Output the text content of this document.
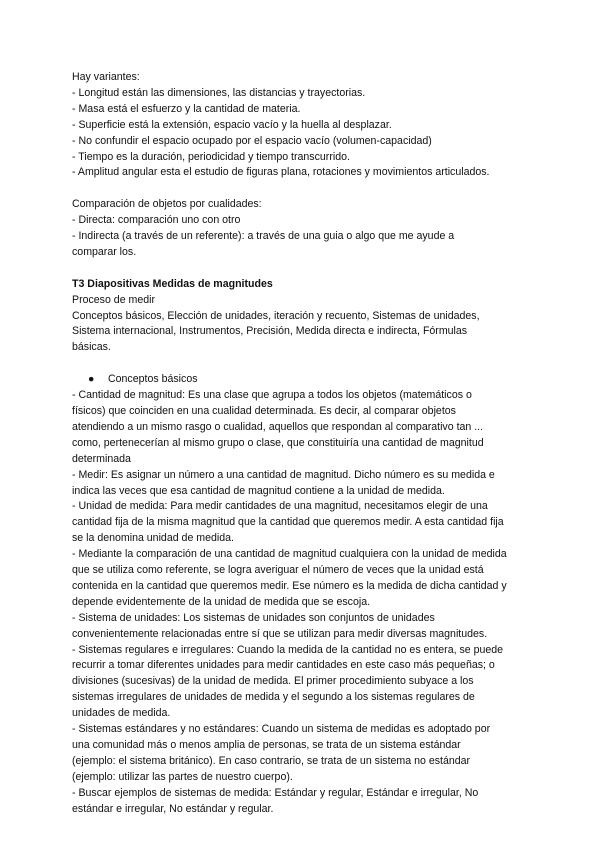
Hay variantes:
- Longitud están las dimensiones, las distancias y trayectorias.
- Masa está el esfuerzo y la cantidad de materia.
- Superficie está la extensión, espacio vacío y la huella al desplazar.
- No confundir el espacio ocupado por el espacio vacío (volumen-capacidad)
- Tiempo es la duración, periodicidad y tiempo transcurrido.
- Amplitud angular esta el estudio de figuras plana, rotaciones y movimientos articulados.
Comparación de objetos por cualidades:
- Directa: comparación uno con otro
- Indirecta (a través de un referente): a través de una guia o algo que me ayude a
comparar los.
T3 Diapositivas Medidas de magnitudes
Proceso de medir
Conceptos básicos, Elección de unidades, iteración y recuento, Sistemas de unidades,
Sistema internacional, Instrumentos, Precisión, Medida directa e indirecta, Fórmulas
básicas.
● Conceptos básicos
- Cantidad de magnitud: Es una clase que agrupa a todos los objetos (matemáticos o
físicos) que coinciden en una cualidad determinada. Es decir, al comparar objetos
atendiendo a un mismo rasgo o cualidad, aquellos que respondan al comparativo tan ...
como, pertenecerían al mismo grupo o clase, que constituiría una cantidad de magnitud
determinada
- Medir: Es asignar un número a una cantidad de magnitud. Dicho número es su medida e
indica las veces que esa cantidad de magnitud contiene a la unidad de medida.
- Unidad de medida: Para medir cantidades de una magnitud, necesitamos elegir de una
cantidad fija de la misma magnitud que la cantidad que queremos medir. A esta cantidad fija
se la denomina unidad de medida.
- Mediante la comparación de una cantidad de magnitud cualquiera con la unidad de medida
que se utiliza como referente, se logra averiguar el número de veces que la unidad está
contenida en la cantidad que queremos medir. Ese número es la medida de dicha cantidad y
depende evidentemente de la unidad de medida que se escoja.
- Sistema de unidades: Los sistemas de unidades son conjuntos de unidades
convenientemente relacionadas entre sí que se utilizan para medir diversas magnitudes.
- Sistemas regulares e irregulares: Cuando la medida de la cantidad no es entera, se puede
recurrir a tomar diferentes unidades para medir cantidades en este caso más pequeñas; o
divisiones (sucesivas) de la unidad de medida. El primer procedimiento subyace a los
sistemas irregulares de unidades de medida y el segundo a los sistemas regulares de
unidades de medida.
- Sistemas estándares y no estándares: Cuando un sistema de medidas es adoptado por
una comunidad más o menos amplia de personas, se trata de un sistema estándar
(ejemplo: el sistema británico). En caso contrario, se trata de un sistema no estándar
(ejemplo: utilizar las partes de nuestro cuerpo).
- Buscar ejemplos de sistemas de medida: Estándar y regular, Estándar e irregular, No
estándar e irregular, No estándar y regular.
